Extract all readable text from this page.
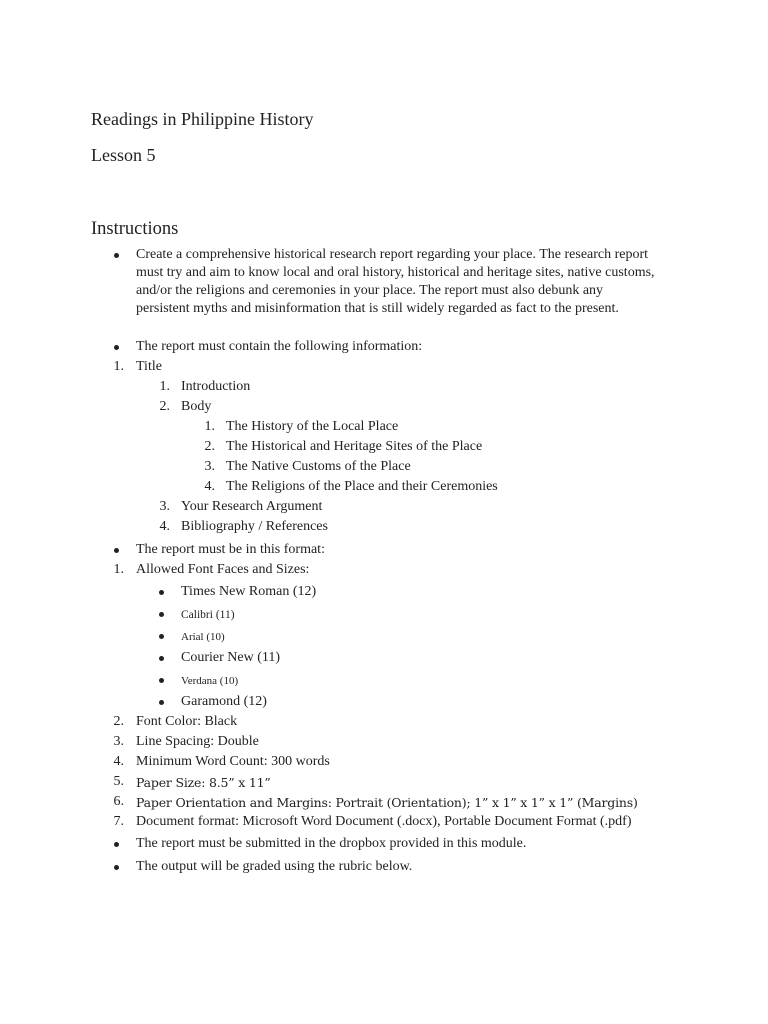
Readings in Philippine History
Lesson 5
Instructions
Create a comprehensive historical research report regarding your place. The research report must try and aim to know local and oral history, historical and heritage sites, native customs, and/or the religions and ceremonies in your place. The report must also debunk any persistent myths and misinformation that is still widely regarded as fact to the present.
The report must contain the following information:
1. Title
1. Introduction
2. Body
1. The History of the Local Place
2. The Historical and Heritage Sites of the Place
3. The Native Customs of the Place
4. The Religions of the Place and their Ceremonies
3. Your Research Argument
4. Bibliography / References
The report must be in this format:
1. Allowed Font Faces and Sizes:
Times New Roman (12)
Calibri (11)
Arial (10)
Courier New (11)
Verdana (10)
Garamond (12)
2. Font Color: Black
3. Line Spacing: Double
4. Minimum Word Count: 300 words
5. Paper Size: 8.5” x 11”
6. Paper Orientation and Margins: Portrait (Orientation); 1” x 1” x 1” x 1” (Margins)
7. Document format: Microsoft Word Document (.docx), Portable Document Format (.pdf)
The report must be submitted in the dropbox provided in this module.
The output will be graded using the rubric below.
